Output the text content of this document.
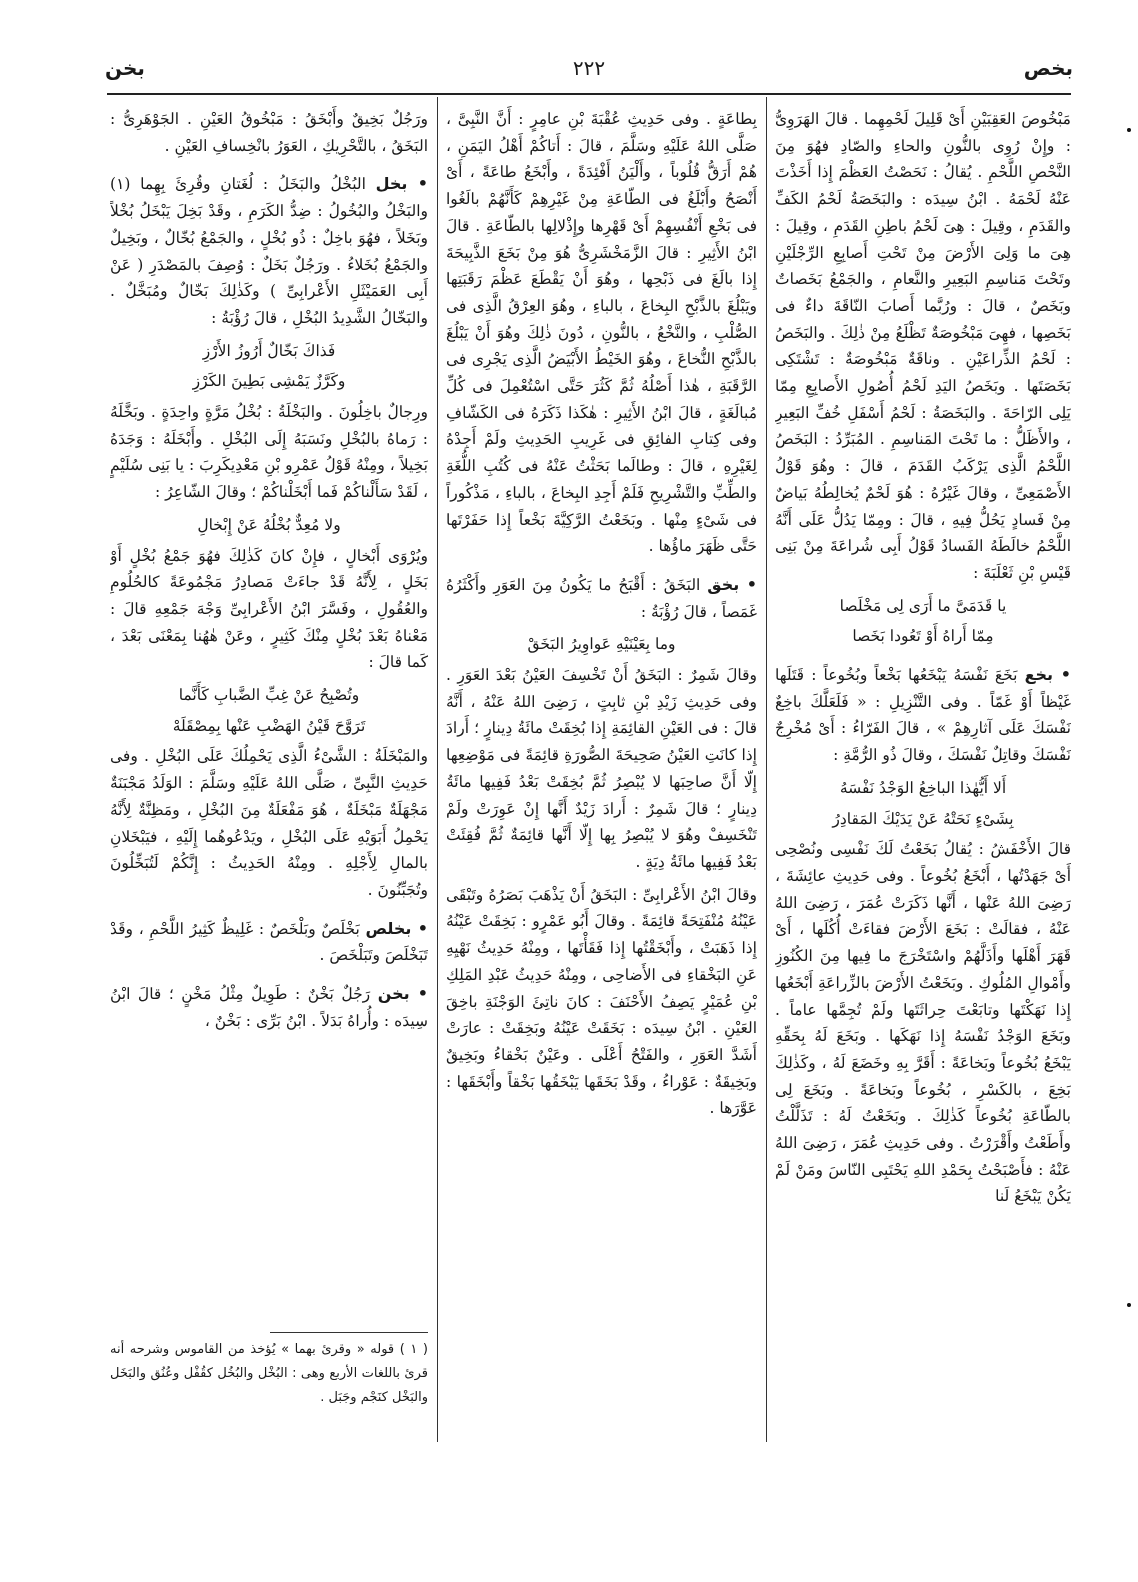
بخص
٢٢٢
بخن

مَبْخُوصَ العَقِبَيْنِ أَىْ قَلِيلَ لَحْمِهِما . قالَ الهَرَوِىُّ : وإِنْ رُوِى بالنُّونِ والحاءِ والصّادِ فهُوَ مِنَ النَّحْصِ اللَّحْمِ . يُقالُ : نَحَصْتُ العَظْمَ إِذا أَخَذْتَ عَنْهُ لَحْمَهُ . ابْنُ سِيدَه : والبَخَصَةُ لَحْمُ الكَفِّ والقَدَمِ ، وقِيلَ : هِىَ لَحْمُ باطِنِ القَدَمِ ، وقِيلَ : هِىَ ما وَلِىَ الأَرْضَ مِنْ تَحْتِ أَصابِعِ الرِّجْلَيْنِ وتَحْتَ مَناسِمِ البَعِيرِ والنَّعامِ ، والجَمْعُ بَخَصاتٌ وبَخَصٌ ، قالَ : ورُبَّما أَصابَ النّاقَةَ داءٌ فى بَخَصِها ، فهِىَ مَبْخُوصَةٌ تَظْلَعُ مِنْ ذٰلِكَ . والبَخَصُ : لَحْمُ الذِّراعَيْنِ . وناقَةٌ مَبْخُوصَةٌ : تَشْتَكِى بَخَصَتَها . وبَخَصُ اليَدِ لَحْمُ أُصُولِ الأَصابِعِ مِمّا يَلِى الرّاحَةَ . والبَخَصَةُ : لَحْمُ أَسْفَلِ خُفِّ البَعِيرِ ، والأَظَلُّ : ما تَحْتَ المَناسِمِ . المُبَرِّدُ : البَخَصُ اللَّحْمُ الَّذِى يَرْكَبُ القَدَمَ ، قالَ : وهُوَ قَوْلُ الأَصْمَعِىِّ ، وقالَ غَيْرُهُ : هُوَ لَحْمٌ يُخالِطُهُ بَياضٌ مِنْ فَسادٍ يَحُلُّ فِيهِ ، قالَ : ومِمّا يَدُلُّ عَلَى أَنَّهُ اللَّحْمُ خالَطَهُ الفَسادُ قَوْلُ أَبِى شُراعَةَ مِنْ بَنِى قَيْسِ بْنِ ثَعْلَبَةَ :

يا قَدَمَىَّ ما أَرَى لِى مَخْلَصا

مِمّا أَراهُ أَوْ تَعُودا بَخَصا

• بخع بَخَعَ نَفْسَهُ يَبْخَعُها بَخْعاً وبُخُوعاً : قَتَلَها غَيْظاً أَوْ غَمّاً . وفى التَّنْزِيلِ : « فَلَعَلَّكَ باخِعٌ نَفْسَكَ عَلَى آثارِهِمْ » ، قالَ الفَرّاءُ : أَىْ مُخْرِجٌ نَفْسَكَ وقاتِلٌ نَفْسَكَ ، وقالَ ذُو الرُّمَّةِ :

أَلا أَيُّهٰذا الباخِعُ الوَجْدُ نَفْسَهُ

بِشَىْءٍ نَحَتْهُ عَنْ يَدَيْكَ المَقادِرُ

قالَ الأَخْفَشُ : يُقالُ بَخَعْتُ لَكَ نَفْسِى ونُصْحِى أَىْ جَهَدْتُها ، أَبْخَعُ بُخُوعاً . وفى حَدِيثِ عائِشَةَ ، رَضِىَ اللهُ عَنْها ، أَنَّها ذَكَرَتْ عُمَرَ ، رَضِىَ اللهُ عَنْهُ ، فقالَتْ : بَخَعَ الأَرْضَ فقاءَتْ أُكُلَها ، أَىْ قَهَرَ أَهْلَها وأَذَلَّهُمْ واسْتَخْرَجَ ما فِيها مِنَ الكُنُوزِ وأَمْوالِ المُلُوكِ . وبَخَعْتُ الأَرْضَ بالزِّراعَةِ أَبْخَعُها إِذا نَهَكْتَها وتابَعْتَ حِراثَتَها ولَمْ تُجِمَّها عاماً . وبَخَعَ الوَجْدُ نَفْسَهُ إِذا نَهَكَها . وبَخَعَ لَهُ بِحَقِّهِ يَبْخَعُ بُخُوعاً وبَخاعَةً : أَقَرَّ بِهِ وخَضَعَ لَهُ ، وكَذٰلِكَ بَخِعَ ، بالكَسْرِ ، بُخُوعاً وبَخاعَةً . وبَخَعَ لِى بالطّاعَةِ بُخُوعاً كَذٰلِكَ . وبَخَعْتُ لَهُ : تَذَلَّلْتُ وأَطَعْتُ وأَقْرَرْتُ . وفى حَدِيثِ عُمَرَ ، رَضِىَ اللهُ عَنْهُ : فأَصْبَحْتُ بِحَمْدِ اللهِ يَحْتَبِى النّاسَ ومَنْ لَمْ يَكُنْ يَبْخَعُ لَنا

بِطاعَةٍ . وفى حَدِيثِ عُقْبَةَ بْنِ عامِرٍ : أَنَّ النَّبِىَّ ، صَلَّى اللهُ عَلَيْهِ وسَلَّمَ ، قالَ : أَتاكُمْ أَهْلُ اليَمَنِ ، هُمْ أَرَقُّ قُلُوباً ، وأَلْيَنُ أَفْئِدَةً ، وأَبْخَعُ طاعَةً ، أَىْ أَنْصَحُ وأَبْلَغُ فى الطّاعَةِ مِنْ غَيْرِهِمْ كَأَنَّهُمْ بالَغُوا فى بَخْعِ أَنْفُسِهِمْ أَىْ قَهْرِها وإِذْلالِها بالطّاعَةِ . قالَ ابْنُ الأَثِيرِ : قالَ الزَّمَخْشَرِىُّ هُوَ مِنْ بَخَعَ الذَّبِيحَةَ إِذا بالَغَ فى ذَبْحِها ، وهُوَ أَنْ يَقْطَعَ عَظْمَ رَقَبَتِها ويَبْلُغَ بالذَّبْحِ البِخاعَ ، بالباءِ ، وهُوَ العِرْقُ الَّذِى فى الصُّلْبِ ، والنَّخْعُ ، بالنُّونِ ، دُونَ ذٰلِكَ وهُوَ أَنْ يَبْلُغَ بالذَّبْحِ النُّخاعَ ، وهُوَ الخَيْطُ الأَبْيَضُ الَّذِى يَجْرِى فى الرَّقَبَةِ ، هٰذا أَصْلُهُ ثُمَّ كَثُرَ حَتَّى اسْتُعْمِلَ فى كُلِّ مُبالَغَةٍ ، قالَ ابْنُ الأَثِيرِ : هٰكَذا ذَكَرَهُ فى الكَشّافِ وفى كِتابِ الفائِقِ فى غَرِيبِ الحَدِيثِ ولَمْ أَجِدْهُ لِغَيْرِهِ ، قالَ : وطالَما بَحَثْتُ عَنْهُ فى كُتُبِ اللُّغَةِ والطِّبِّ والتَّشْرِيحِ فَلَمْ أَجِدِ البِخاعَ ، بالباءِ ، مَذْكُوراً فى شَىْءٍ مِنْها . وبَخَعْتُ الرَّكِيَّةَ بَخْعاً إِذا حَفَرْتَها حَتَّى ظَهَرَ ماؤُها .

• بخق البَخَقُ : أَقْبَحُ ما يَكُونُ مِنَ العَوَرِ وأَكْثَرُهُ غَمَصاً ، قالَ رُؤْبَةُ :

وما بِعَيْنَيْهِ عَواوِيرُ البَخَقْ

وقالَ شَمِرٌ : البَخَقُ أَنْ تَخْسِفَ العَيْنُ بَعْدَ العَوَرِ . وفى حَدِيثِ زَيْدِ بْنِ ثابِتٍ ، رَضِىَ اللهُ عَنْهُ ، أَنَّهُ قالَ : فى العَيْنِ القائِمَةِ إِذا بُخِقَتْ مائَةُ دِينارٍ ؛ أَرادَ إِذا كانَتِ العَيْنُ صَحِيحَةَ الصُّورَةِ قائِمَةً فى مَوْضِعِها إِلّا أَنَّ صاحِبَها لا يُبْصِرُ ثُمَّ بُخِقَتْ بَعْدُ فَفِيها مائَةُ دِينارٍ ؛ قالَ شَمِرٌ : أَرادَ زَيْدٌ أَنَّها إِنْ عَوِرَتْ ولَمْ تَنْخَسِفْ وهُوَ لا يُبْصِرُ بِها إِلّا أَنَّها قائِمَةٌ ثُمَّ فُقِئَتْ بَعْدُ فَفِيها مائَةُ دِيَةٍ .

وقالَ ابْنُ الأَعْرابِىِّ : البَخَقُ أَنْ يَذْهَبَ بَصَرُهُ وتَبْقَى عَيْنُهُ مُنْفَتِحَةً قائِمَةً . وقالَ أَبُو عَمْرٍو : بَخِقَتْ عَيْنُهُ إِذا ذَهَبَتْ ، وأَبْخَقْتُها إِذا فَقَأْتَها ، ومِنْهُ حَدِيثُ نَهْيِهِ عَنِ البَخْقاءِ فى الأَضاحِى ، ومِنْهُ حَدِيثُ عَبْدِ المَلِكِ بْنِ عُمَيْرٍ يَصِفُ الأَحْنَفَ : كانَ ناتِئَ الوَجْنَةِ باخِقَ العَيْنِ . ابْنُ سِيدَه : بَخَقَتْ عَيْنُهُ وبَخِقَتْ : عارَتْ أَشَدَّ العَوَرِ ، والفَتْحُ أَعْلَى . وعَيْنٌ بَخْقاءُ وبَخِيقٌ وبَخِيقَةٌ : عَوْراءُ ، وقَدْ بَخَقَها يَبْخَقُها بَخْقاً وأَبْخَقَها : عَوَّرَها .

ورَجُلٌ بَخِيقٌ وأَبْخَقُ : مَبْخُوقُ العَيْنِ . الجَوْهَرِىُّ : البَخَقُ ، بالتَّحْرِيكِ ، العَوَرُ بانْخِسافِ العَيْنِ .

• بخل البُخْلُ والبَخَلُ : لُغَتانِ وقُرِئَ بِهِما (١) والبَخْلُ والبُخُولُ : ضِدُّ الكَرَمِ ، وقَدْ بَخِلَ يَبْخَلُ بُخْلاً وبَخَلاً ، فهُوَ باخِلٌ : ذُو بُخْلٍ ، والجَمْعُ بُخّالٌ ، وبَخِيلٌ والجَمْعُ بُخَلاءُ . ورَجُلٌ بَخَلٌ : وُصِفَ بالمَصْدَرِ ( عَنْ أَبِى العَمَيْثَلِ الأَعْرابِىِّ ) وكَذٰلِكَ بَخّالٌ ومُبَخَّلٌ . والبَخّالُ الشَّدِيدُ البُخْلِ ، قالَ رُؤْبَةُ :

فَذاكَ بَخّالٌ أَرُوزُ الأَرْزِ

وكَرَّزٌ يَمْشِى بَطِينَ الكَرْزِ

ورِجالٌ باخِلُونَ . والبَخْلَةُ : بُخْلُ مَرَّةٍ واحِدَةٍ . وبَخَّلَهُ : رَماهُ بالبُخْلِ ونَسَبَهُ إِلَى البُخْلِ . وأَبْخَلَهُ : وَجَدَهُ بَخِيلاً ، ومِنْهُ قَوْلُ عَمْرِو بْنِ مَعْدِيكَرِبَ : يا بَنِى سُلَيْمٍ ، لَقَدْ سَأَلْناكُمْ فَما أَبْخَلْناكُمْ ؛ وقالَ الشّاعِرُ :

ولا مُعِدٌّ بُخْلُهُ عَنْ إِبْخالِ

ويُرْوَى أَبْخالٍ ، فإِنْ كانَ كَذٰلِكَ فهُوَ جَمْعُ بُخْلٍ أَوْ بَخَلٍ ، لِأَنَّهُ قَدْ جاءَتْ مَصادِرُ مَجْمُوعَةً كالحُلُومِ والعُقُولِ ، وفَسَّرَ ابْنُ الأَعْرابِىِّ وَجْهَ جَمْعِهِ قالَ : مَعْناهُ بَعْدَ بُخْلٍ مِنْكَ كَثِيرٍ ، وعَنْ هٰهُنا بِمَعْنَى بَعْدَ ، كَما قالَ :

وتُصْبِحُ عَنْ غِبِّ الضَّبابِ كَأَنَّما

تَرَوَّحَ قَيْنُ الهَضْبِ عَنْها بِمِصْقَلَهْ

والمَبْخَلَةُ : الشَّىْءُ الَّذِى يَحْمِلُكَ عَلَى البُخْلِ . وفى حَدِيثِ النَّبِىِّ ، صَلَّى اللهُ عَلَيْهِ وسَلَّمَ : الوَلَدُ مَجْبَنَةٌ مَجْهَلَةٌ مَبْخَلَةٌ ، هُوَ مَفْعَلَةٌ مِنَ البُخْلِ ، ومَظِنَّةٌ لِأَنَّهُ يَحْمِلُ أَبَوَيْهِ عَلَى البُخْلِ ، ويَدْعُوهُما إِلَيْهِ ، فيَبْخَلانِ بالمالِ لِأَجْلِهِ . ومِنْهُ الحَدِيثُ : إِنَّكُمْ لَتُبَخِّلُونَ وتُجَبِّنُونَ .

• بخلص بَخْلَصٌ وبَلْخَصٌ : غَلِيظٌ كَثِيرُ اللَّحْمِ ، وقَدْ تَبَخْلَصَ وتَبَلْخَصَ .

• بخن رَجُلٌ بَخْنٌ : طَوِيلٌ مِثْلُ مَخْنٍ ؛ قالَ ابْنُ سِيدَه : وأُراهُ بَدَلاً . ابْنُ بَرِّى : بَخْنٌ ،

( ١ ) قوله « وقرئ بهما » يُؤخذ من القاموس وشرحه أنه قرئ باللغات الأربع وهى : البُخْل والبُخُل كقُفْل وعُنُق والبَخَل والبَخْل كنَجْم وجَبَل .
